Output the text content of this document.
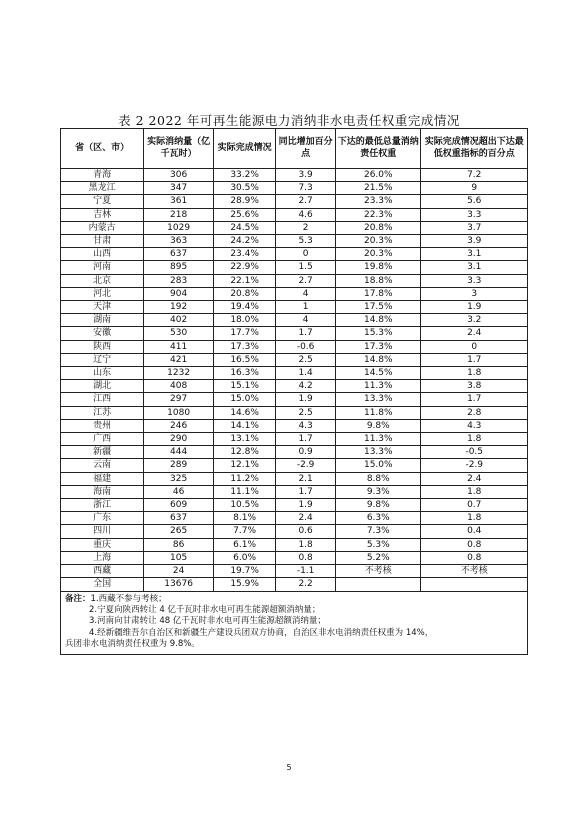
表 2 2022 年可再生能源电力消纳非水电责任权重完成情况
省（区、市）	实际消纳量（亿千瓦时）	实际完成情况	同比增加百分点	下达的最低总量消纳责任权重	实际完成情况超出下达最低权重指标的百分点
青海	306	33.2%	3.9	26.0%	7.2
黑龙江	347	30.5%	7.3	21.5%	9
宁夏	361	28.9%	2.7	23.3%	5.6
吉林	218	25.6%	4.6	22.3%	3.3
内蒙古	1029	24.5%	2	20.8%	3.7
甘肃	363	24.2%	5.3	20.3%	3.9
山西	637	23.4%	0	20.3%	3.1
河南	895	22.9%	1.5	19.8%	3.1
北京	283	22.1%	2.7	18.8%	3.3
河北	904	20.8%	4	17.8%	3
天津	192	19.4%	1	17.5%	1.9
湖南	402	18.0%	4	14.8%	3.2
安徽	530	17.7%	1.7	15.3%	2.4
陕西	411	17.3%	-0.6	17.3%	0
辽宁	421	16.5%	2.5	14.8%	1.7
山东	1232	16.3%	1.4	14.5%	1.8
湖北	408	15.1%	4.2	11.3%	3.8
江西	297	15.0%	1.9	13.3%	1.7
江苏	1080	14.6%	2.5	11.8%	2.8
贵州	246	14.1%	4.3	9.8%	4.3
广西	290	13.1%	1.7	11.3%	1.8
新疆	444	12.8%	0.9	13.3%	-0.5
云南	289	12.1%	-2.9	15.0%	-2.9
福建	325	11.2%	2.1	8.8%	2.4
海南	46	11.1%	1.7	9.3%	1.8
浙江	609	10.5%	1.9	9.8%	0.7
广东	637	8.1%	2.4	6.3%	1.8
四川	265	7.7%	0.6	7.3%	0.4
重庆	86	6.1%	1.8	5.3%	0.8
上海	105	6.0%	0.8	5.2%	0.8
西藏	24	19.7%	-1.1	不考核	不考核
全国	13676	15.9%	2.2		

备注：1.西藏不参与考核；
2.宁夏向陕西转让 4 亿千瓦时非水电可再生能源超额消纳量；
3.河南向甘肃转让 48 亿千瓦时非水电可再生能源超额消纳量；
4.经新疆维吾尔自治区和新疆生产建设兵团双方协商，自治区非水电消纳责任权重为 14%，
兵团非水电消纳责任权重为 9.8%。					
5
